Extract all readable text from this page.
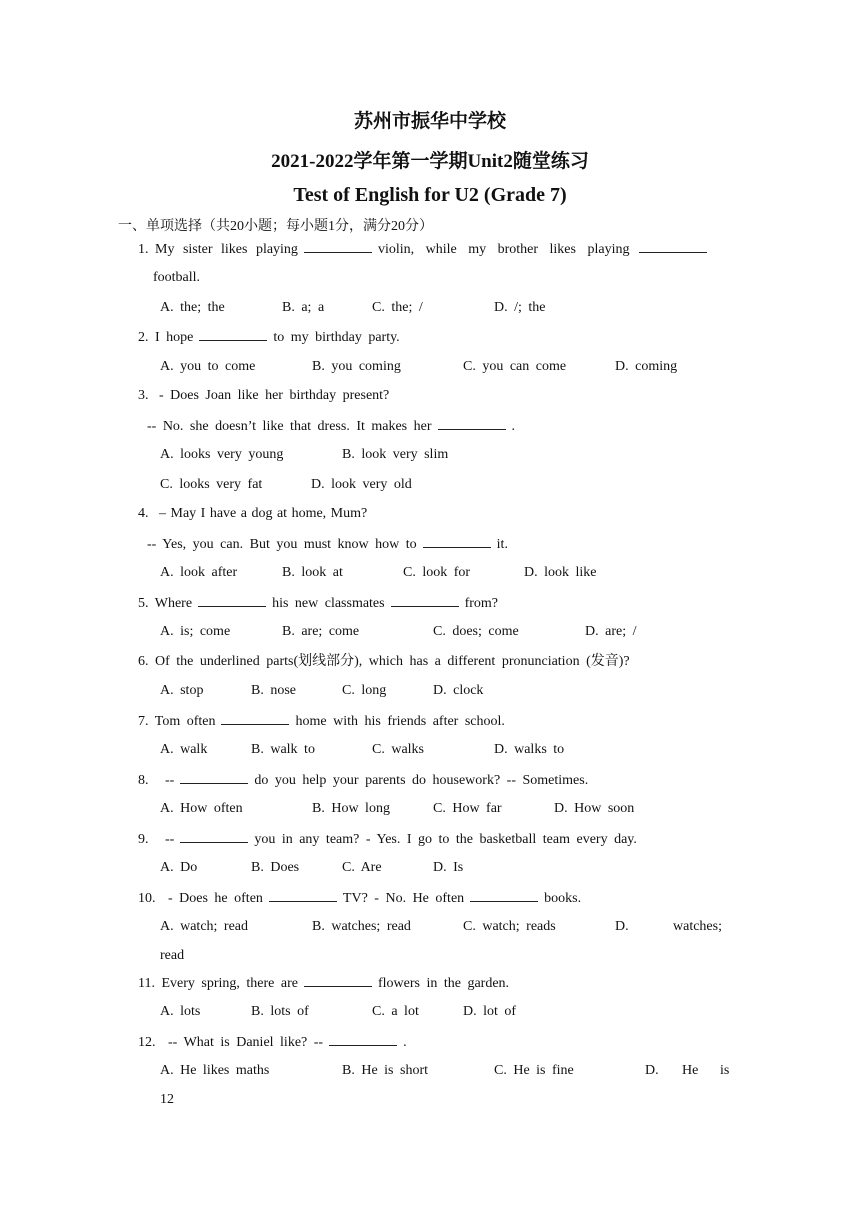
苏州市振华中学校
2021-2022学年第一学期Unit2随堂练习
Test of English for U2 (Grade 7)
一、单项选择（共20小题；每小题1分，满分20分）
1. My sister likes playing	violin, while my brother likes playing
football.
A. the; the	B. a; a	C. the; /	D. /; the
2. I hope	to my birthday party.
A. you to come	B. you coming	C. you can come	D. coming
3. - Does Joan like her birthday present?
-- No. she doesn’t like that dress. It makes her	.
A. looks very young	B. look very slim
C. looks very fat	D. look very old
4. – May I have a dog at home, Mum?
-- Yes, you can. But you must know how to	it.
A. look after	B. look at	C. look for	D. look like
5. Where	his new classmates	from?
A. is; come	B. are; come	C. does; come	D. are; /
6. Of the underlined parts(划线部分), which has a different pronunciation (发音)?
A. stop	B. nose	C. long	D. clock
7. Tom often	home with his friends after school.
A. walk	B. walk to	C. walks	D. walks to
8. --	do you help your parents do housework? -- Sometimes.
A. How often	B. How long	C. How far	D. How soon
9. --	you in any team? - Yes. I go to the basketball team every day.
A. Do	B. Does	C. Are	D. Is
10. - Does he often	TV? - No. He often	books.
A. watch; read	B. watches; read	C. watch; reads	D.	watches;
read
11. Every spring, there are	flowers in the garden.
A. lots	B. lots of	C. a lot	D. lot of
12. -- What is Daniel like? --	.
A. He likes maths	B. He is short	C. He is fine	D. He is
12
